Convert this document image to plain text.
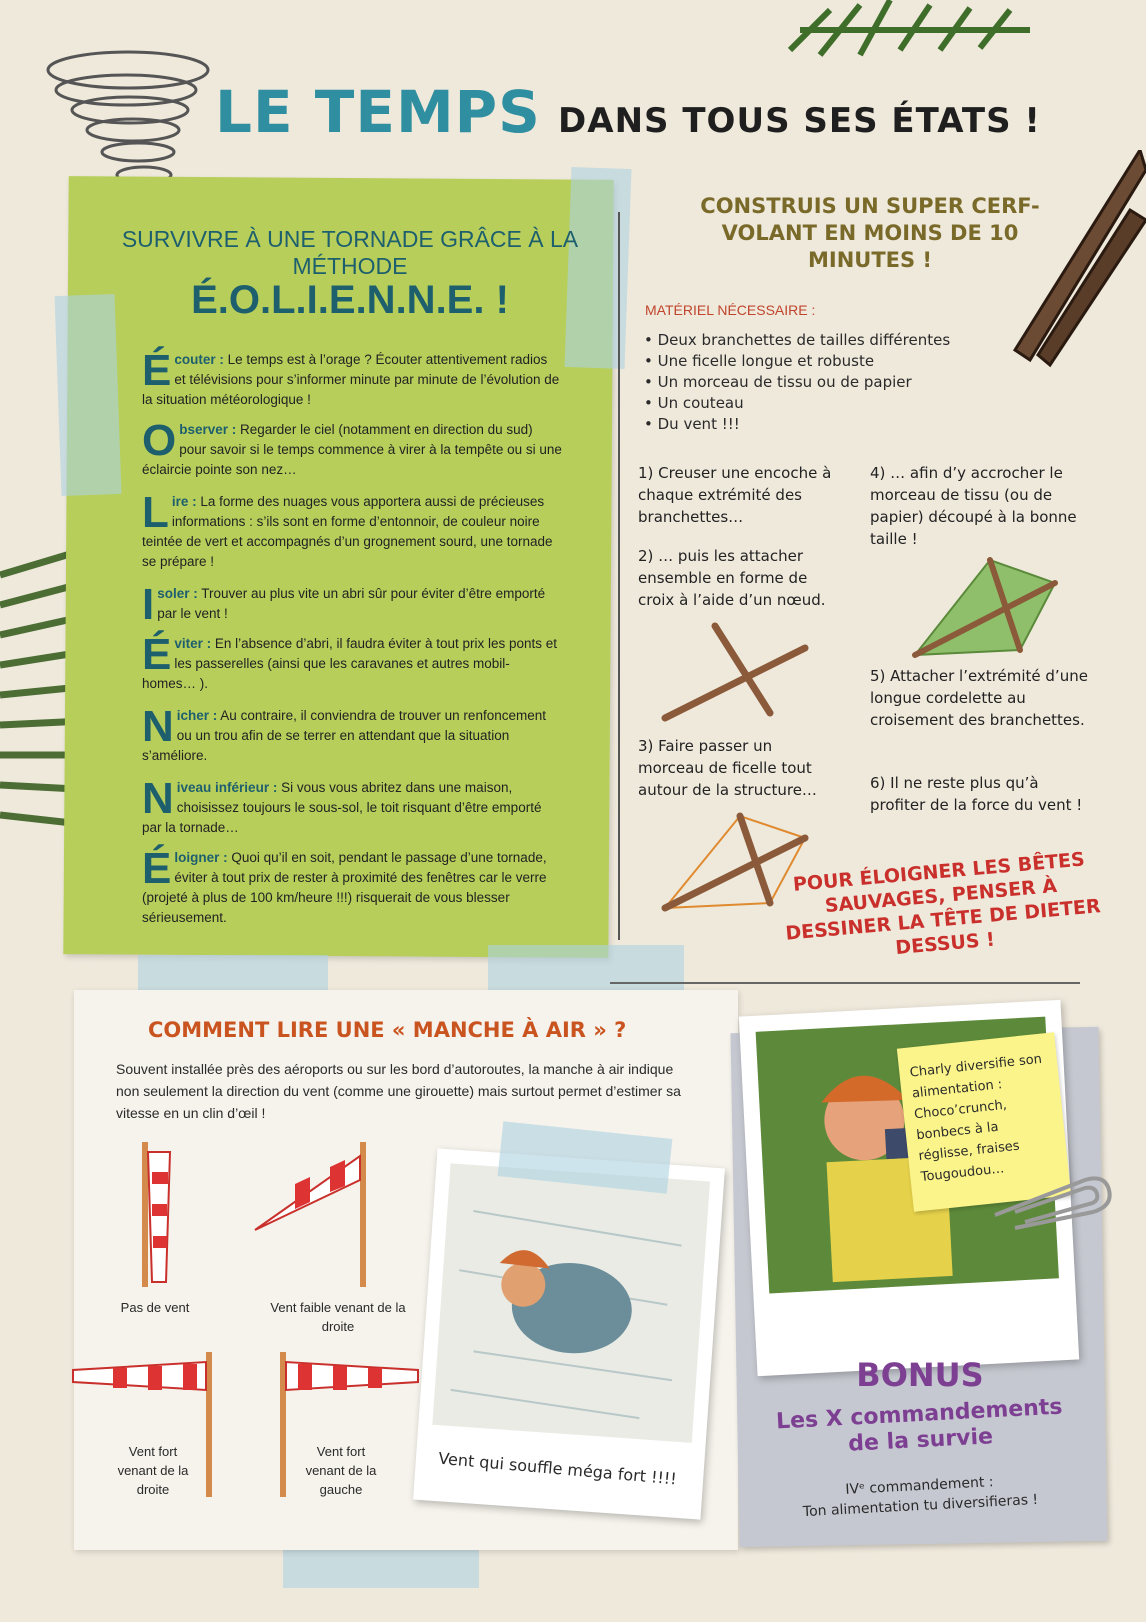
LE TEMPS DANS TOUS SES ÉTATS !
SURVIVRE À UNE TORNADE GRÂCE À LA MÉTHODE
É.O.L.I.E.N.N.E. !
Écouter : Le temps est à l’orage ? Écouter attentivement radios et télévisions pour s’informer minute par minute de l’évolution de la situation météorologique !
Observer : Regarder le ciel (notamment en direction du sud) pour savoir si le temps commence à virer à la tempête ou si une éclaircie pointe son nez…
Lire : La forme des nuages vous apportera aussi de précieuses informations : s’ils sont en forme d’entonnoir, de couleur noire teintée de vert et accompagnés d’un grognement sourd, une tornade se prépare !
Isoler : Trouver au plus vite un abri sûr pour éviter d’être emporté par le vent !
Éviter : En l’absence d’abri, il faudra éviter à tout prix les ponts et les passerelles (ainsi que les caravanes et autres mobil-homes… ).
Nicher : Au contraire, il conviendra de trouver un renfoncement ou un trou afin de se terrer en attendant que la situation s’améliore.
Niveau inférieur : Si vous vous abritez dans une maison, choisissez toujours le sous-sol, le toit risquant d’être emporté par la tornade…
Éloigner : Quoi qu’il en soit, pendant le passage d’une tornade, éviter à tout prix de rester à proximité des fenêtres car le verre (projeté à plus de 100 km/heure !!!) risquerait de vous blesser sérieusement.
CONSTRUIS UN SUPER CERF-VOLANT EN MOINS DE 10 MINUTES !
MATÉRIEL NÉCESSAIRE :
• Deux branchettes de tailles différentes
• Une ficelle longue et robuste
• Un morceau de tissu ou de papier
• Un couteau
• Du vent !!!
1) Creuser une encoche à chaque extrémité des branchettes…
2) … puis les attacher ensemble en forme de croix à l’aide d’un nœud.
3) Faire passer un morceau de ficelle tout autour de la structure…
4) … afin d’y accrocher le morceau de tissu (ou de papier) découpé à la bonne taille !
5) Attacher l’extrémité d’une longue cordelette au croisement des branchettes.
6) Il ne reste plus qu’à profiter de la force du vent !
POUR ÉLOIGNER LES BÊTES SAUVAGES, PENSER À DESSINER LA TÊTE DE DIETER DESSUS !
COMMENT LIRE UNE « MANCHE À AIR » ?
Souvent installée près des aéroports ou sur les bord d’autoroutes, la manche à air indique non seulement la direction du vent (comme une girouette) mais surtout permet d’estimer sa vitesse en un clin d’œil !
Pas de vent	Vent faible venant de la droite
Vent fort venant de la droite
Vent fort venant de la gauche
Vent qui souffle méga fort !!!!
Charly diversifie son alimentation : Choco’crunch, bonbecs à la réglisse, fraises Tougoudou…
BONUS
Les X commandements de la survie
IVᵉ commandement :
Ton alimentation tu diversifieras !
